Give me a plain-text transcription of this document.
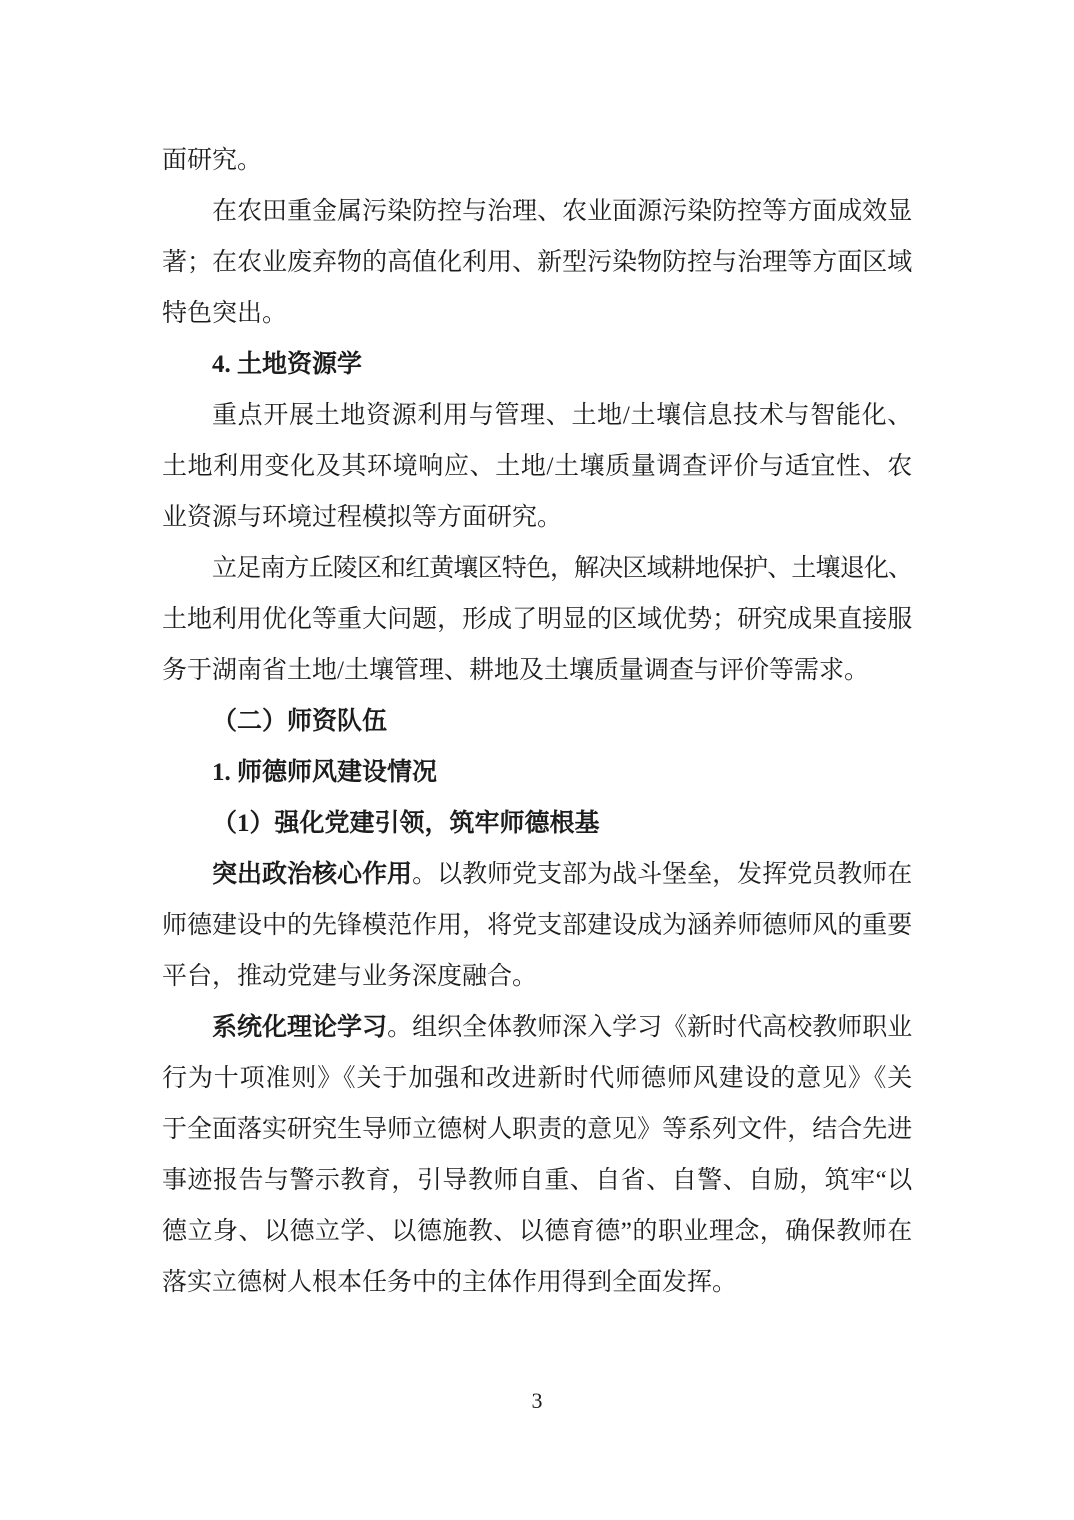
面研究。
在农田重金属污染防控与治理、农业面源污染防控等方面成效显
著；在农业废弃物的高值化利用、新型污染物防控与治理等方面区域
特色突出。
4. 土地资源学
重点开展土地资源利用与管理、土地/土壤信息技术与智能化、
土地利用变化及其环境响应、土地/土壤质量调查评价与适宜性、农
业资源与环境过程模拟等方面研究。
立足南方丘陵区和红黄壤区特色，解决区域耕地保护、土壤退化、
土地利用优化等重大问题，形成了明显的区域优势；研究成果直接服
务于湖南省土地/土壤管理、耕地及土壤质量调查与评价等需求。
（二）师资队伍
1. 师德师风建设情况
（1）强化党建引领，筑牢师德根基
突出政治核心作用。以教师党支部为战斗堡垒，发挥党员教师在
师德建设中的先锋模范作用，将党支部建设成为涵养师德师风的重要
平台，推动党建与业务深度融合。
系统化理论学习。组织全体教师深入学习《新时代高校教师职业
行为十项准则》《关于加强和改进新时代师德师风建设的意见》《关
于全面落实研究生导师立德树人职责的意见》等系列文件，结合先进
事迹报告与警示教育，引导教师自重、自省、自警、自励，筑牢“以
德立身、以德立学、以德施教、以德育德”的职业理念，确保教师在
落实立德树人根本任务中的主体作用得到全面发挥。
3
